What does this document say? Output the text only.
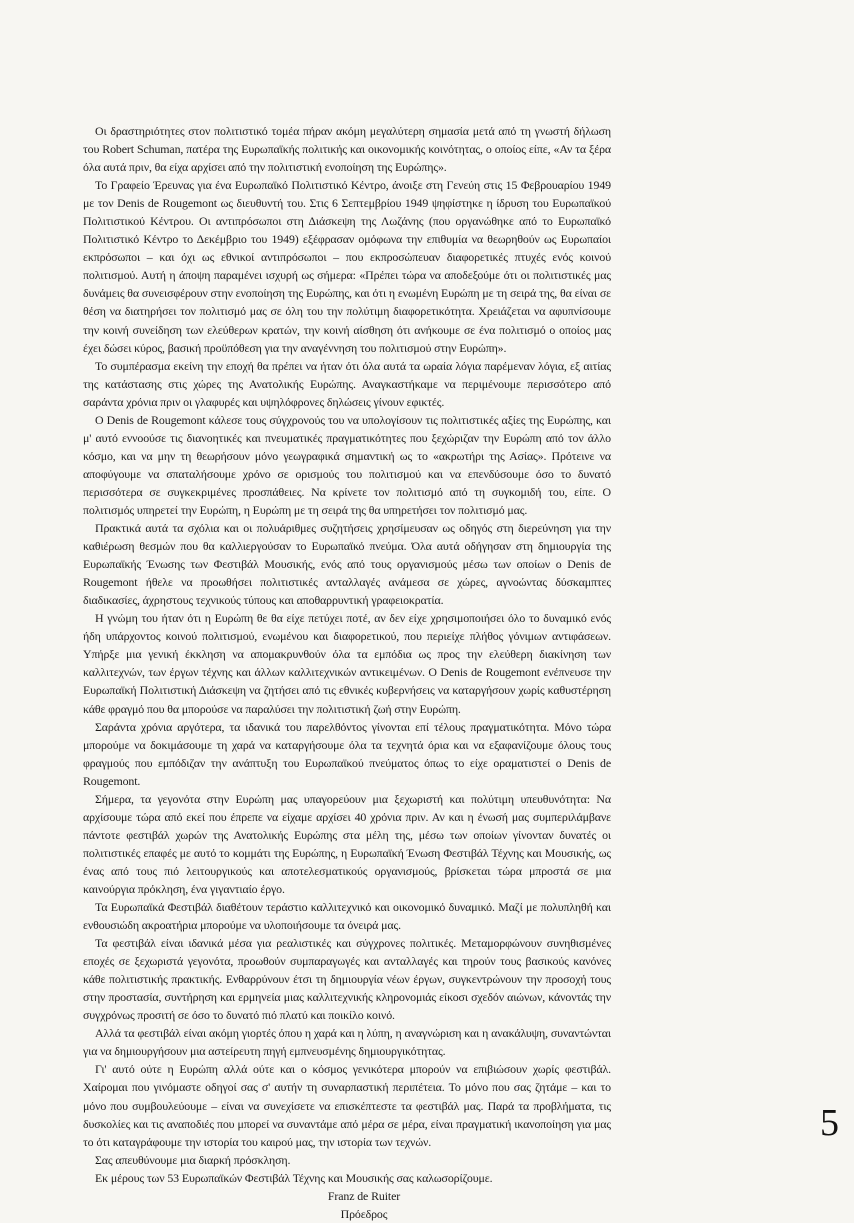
Οι δραστηριότητες στον πολιτιστικό τομέα πήραν ακόμη μεγαλύτερη σημασία μετά από τη γνωστή δήλωση του Robert Schuman, πατέρα της Ευρωπαϊκής πολιτικής και οικονομικής κοινότητας, ο οποίος είπε, «Αν τα ξέρα όλα αυτά πριν, θα είχα αρχίσει από την πολιτιστική ενοποίηση της Ευρώπης».

Το Γραφείο Έρευνας για ένα Ευρωπαϊκό Πολιτιστικό Κέντρο, άνοιξε στη Γενεύη στις 15 Φεβρουαρίου 1949 με τον Denis de Rougemont ως διευθυντή του. Στις 6 Σεπτεμβρίου 1949 ψηφίστηκε η ίδρυση του Ευρωπαϊκού Πολιτιστικού Κέντρου. Οι αντιπρόσωποι στη Διάσκεψη της Λωζάνης (που οργανώθηκε από το Ευρωπαϊκό Πολιτιστικό Κέντρο το Δεκέμβριο του 1949) εξέφρασαν ομόφωνα την επιθυμία να θεωρηθούν ως Ευρωπαίοι εκπρόσωποι – και όχι ως εθνικοί αντιπρόσωποι – που εκπροσώπευαν διαφορετικές πτυχές ενός κοινού πολιτισμού. Αυτή η άποψη παραμένει ισχυρή ως σήμερα: «Πρέπει τώρα να αποδεξούμε ότι οι πολιτιστικές μας δυνάμεις θα συνεισφέρουν στην ενοποίηση της Ευρώπης, και ότι η ενωμένη Ευρώπη με τη σειρά της, θα είναι σε θέση να διατηρήσει τον πολιτισμό μας σε όλη του την πολύτιμη διαφορετικότητα. Χρειάζεται να αφυπνίσουμε την κοινή συνείδηση των ελεύθερων κρατών, την κοινή αίσθηση ότι ανήκουμε σε ένα πολιτισμό ο οποίος μας έχει δώσει κύρος, βασική προϋπόθεση για την αναγέννηση του πολιτισμού στην Ευρώπη».

Το συμπέρασμα εκείνη την εποχή θα πρέπει να ήταν ότι όλα αυτά τα ωραία λόγια παρέμεναν λόγια, εξ αιτίας της κατάστασης στις χώρες της Ανατολικής Ευρώπης. Αναγκαστήκαμε να περιμένουμε περισσότερο από σαράντα χρόνια πριν οι γλαφυρές και υψηλόφρονες δηλώσεις γίνουν εφικτές.

Ο Denis de Rougemont κάλεσε τους σύγχρονούς του να υπολογίσουν τις πολιτιστικές αξίες της Ευρώπης, και μ' αυτό εννοούσε τις διανοητικές και πνευματικές πραγματικότητες που ξεχώριζαν την Ευρώπη από τον άλλο κόσμο, και να μην τη θεωρήσουν μόνο γεωγραφικά σημαντική ως το «ακρωτήρι της Ασίας». Πρότεινε να αποφύγουμε να σπαταλήσουμε χρόνο σε ορισμούς του πολιτισμού και να επενδύσουμε όσο το δυνατό περισσότερα σε συγκεκριμένες προσπάθειες. Να κρίνετε τον πολιτισμό από τη συγκομιδή του, είπε. Ο πολιτισμός υπηρετεί την Ευρώπη, η Ευρώπη με τη σειρά της θα υπηρετήσει τον πολιτισμό μας.

Πρακτικά αυτά τα σχόλια και οι πολυάριθμες συζητήσεις χρησίμευσαν ως οδηγός στη διερεύνηση για την καθιέρωση θεσμών που θα καλλιεργούσαν το Ευρωπαϊκό πνεύμα. Όλα αυτά οδήγησαν στη δημιουργία της Ευρωπαϊκής Ένωσης των Φεστιβάλ Μουσικής, ενός από τους οργανισμούς μέσω των οποίων ο Denis de Rougemont ήθελε να προωθήσει πολιτιστικές ανταλλαγές ανάμεσα σε χώρες, αγνοώντας δύσκαμπτες διαδικασίες, άχρηστους τεχνικούς τύπους και αποθαρρυντική γραφειοκρατία.

Η γνώμη του ήταν ότι η Ευρώπη θε θα είχε πετύχει ποτέ, αν δεν είχε χρησιμοποιήσει όλο το δυναμικό ενός ήδη υπάρχοντος κοινού πολιτισμού, ενωμένου και διαφορετικού, που περιείχε πλήθος γόνιμων αντιφάσεων. Υπήρξε μια γενική έκκληση να απομακρυνθούν όλα τα εμπόδια ως προς την ελεύθερη διακίνηση των καλλιτεχνών, των έργων τέχνης και άλλων καλλιτεχνικών αντικειμένων. Ο Denis de Rougemont ενέπνευσε την Ευρωπαϊκή Πολιτιστική Διάσκεψη να ζητήσει από τις εθνικές κυβερνήσεις να καταργήσουν χωρίς καθυστέρηση κάθε φραγμό που θα μπορούσε να παραλύσει την πολιτιστική ζωή στην Ευρώπη.

Σαράντα χρόνια αργότερα, τα ιδανικά του παρελθόντος γίνονται επί τέλους πραγματικότητα. Μόνο τώρα μπορούμε να δοκιμάσουμε τη χαρά να καταργήσουμε όλα τα τεχνητά όρια και να εξαφανίζουμε όλους τους φραγμούς που εμπόδιζαν την ανάπτυξη του Ευρωπαϊκού πνεύματος όπως το είχε οραματιστεί ο Denis de Rougemont.

Σήμερα, τα γεγονότα στην Ευρώπη μας υπαγορεύουν μια ξεχωριστή και πολύτιμη υπευθυνότητα: Να αρχίσουμε τώρα από εκεί που έπρεπε να είχαμε αρχίσει 40 χρόνια πριν. Αν και η ένωσή μας συμπεριλάμβανε πάντοτε φεστιβάλ χωρών της Ανατολικής Ευρώπης στα μέλη της, μέσω των οποίων γίνονταν δυνατές οι πολιτιστικές επαφές με αυτό το κομμάτι της Ευρώπης, η Ευρωπαϊκή Ένωση Φεστιβάλ Τέχνης και Μουσικής, ως ένας από τους πιό λειτουργικούς και αποτελεσματικούς οργανισμούς, βρίσκεται τώρα μπροστά σε μια καινούργια πρόκληση, ένα γιγαντιαίο έργο.

Τα Ευρωπαϊκά Φεστιβάλ διαθέτουν τεράστιο καλλιτεχνικό και οικονομικό δυναμικό. Μαζί με πολυπληθή και ενθουσιώδη ακροατήρια μπορούμε να υλοποιήσουμε τα όνειρά μας.

Τα φεστιβάλ είναι ιδανικά μέσα για ρεαλιστικές και σύγχρονες πολιτικές. Μεταμορφώνουν συνηθισμένες εποχές σε ξεχωριστά γεγονότα, προωθούν συμπαραγωγές και ανταλλαγές και τηρούν τους βασικούς κανόνες κάθε πολιτιστικής πρακτικής. Ενθαρρύνουν έτσι τη δημιουργία νέων έργων, συγκεντρώνουν την προσοχή τους στην προστασία, συντήρηση και ερμηνεία μιας καλλιτεχνικής κληρονομιάς είκοσι σχεδόν αιώνων, κάνοντάς την συγχρόνως προσιτή σε όσο το δυνατό πιό πλατύ και ποικίλο κοινό.

Αλλά τα φεστιβάλ είναι ακόμη γιορτές όπου η χαρά και η λύπη, η αναγνώριση και η ανακάλυψη, συναντώνται για να δημιουργήσουν μια αστείρευτη πηγή εμπνευσμένης δημιουργικότητας.

Γι' αυτό ούτε η Ευρώπη αλλά ούτε και ο κόσμος γενικότερα μπορούν να επιβιώσουν χωρίς φεστιβάλ. Χαίρομαι που γινόμαστε οδηγοί σας σ' αυτήν τη συναρπαστική περιπέτεια. Το μόνο που σας ζητάμε – και το μόνο που συμβουλεύουμε – είναι να συνεχίσετε να επισκέπτεστε τα φεστιβάλ μας. Παρά τα προβλήματα, τις δυσκολίες και τις αναποδιές που μπορεί να συναντάμε από μέρα σε μέρα, είναι πραγματική ικανοποίηση για μας το ότι καταγράφουμε την ιστορία του καιρού μας, την ιστορία των τεχνών.

Σας απευθύνουμε μια διαρκή πρόσκληση.

Εκ μέρους των 53 Ευρωπαϊκών Φεστιβάλ Τέχνης και Μουσικής σας καλωσορίζουμε.

Franz de Ruiter

Πρόεδρος

5
